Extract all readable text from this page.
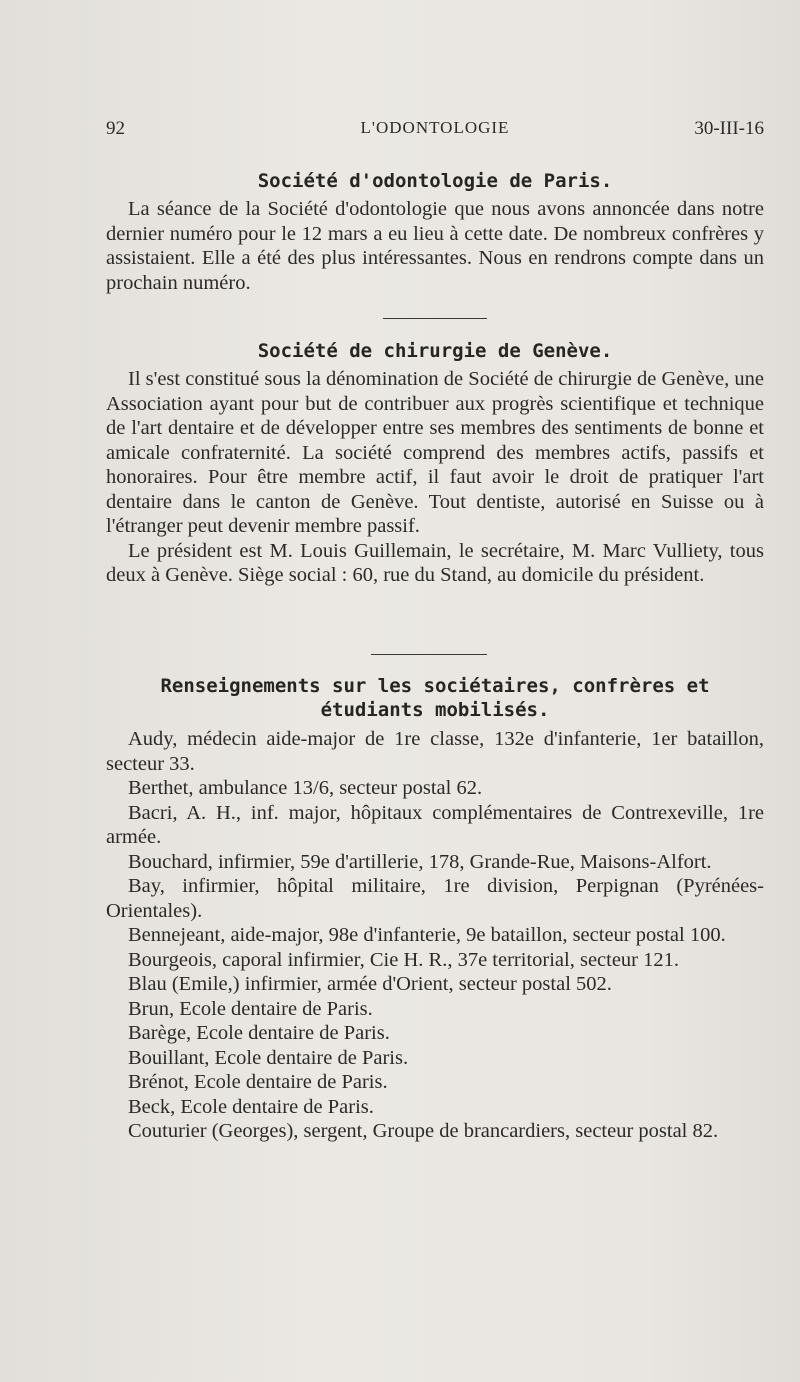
92	L'ODONTOLOGIE	30-III-16
Société d'odontologie de Paris.

La séance de la Société d'odontologie que nous avons annoncée dans notre dernier numéro pour le 12 mars a eu lieu à cette date. De nombreux confrères y assistaient. Elle a été des plus intéressantes. Nous en rendrons compte dans un prochain numéro.

Société de chirurgie de Genève.

Il s'est constitué sous la dénomination de Société de chirurgie de Genève, une Association ayant pour but de contribuer aux progrès scientifique et technique de l'art dentaire et de développer entre ses membres des sentiments de bonne et amicale confraternité. La société comprend des membres actifs, passifs et honoraires. Pour être membre actif, il faut avoir le droit de pratiquer l'art dentaire dans le canton de Genève. Tout dentiste, autorisé en Suisse ou à l'étranger peut devenir membre passif.

Le président est M. Louis Guillemain, le secrétaire, M. Marc Vulliety, tous deux à Genève. Siège social : 60, rue du Stand, au domicile du président.

Renseignements sur les sociétaires, confrères et étudiants mobilisés.
Audy, médecin aide-major de 1re classe, 132e d'infanterie, 1er bataillon, secteur 33.
Berthet, ambulance 13/6, secteur postal 62.
Bacri, A. H., inf. major, hôpitaux complémentaires de Contrexeville, 1re armée.
Bouchard, infirmier, 59e d'artillerie, 178, Grande-Rue, Maisons-Alfort.
Bay, infirmier, hôpital militaire, 1re division, Perpignan (Pyrénées-Orientales).
Bennejeant, aide-major, 98e d'infanterie, 9e bataillon, secteur postal 100.
Bourgeois, caporal infirmier, Cie H. R., 37e territorial, secteur 121.
Blau (Emile,) infirmier, armée d'Orient, secteur postal 502.
Brun, Ecole dentaire de Paris.
Barège, Ecole dentaire de Paris.
Bouillant, Ecole dentaire de Paris.
Brénot, Ecole dentaire de Paris.
Beck, Ecole dentaire de Paris.
Couturier (Georges), sergent, Groupe de brancardiers, secteur postal 82.
